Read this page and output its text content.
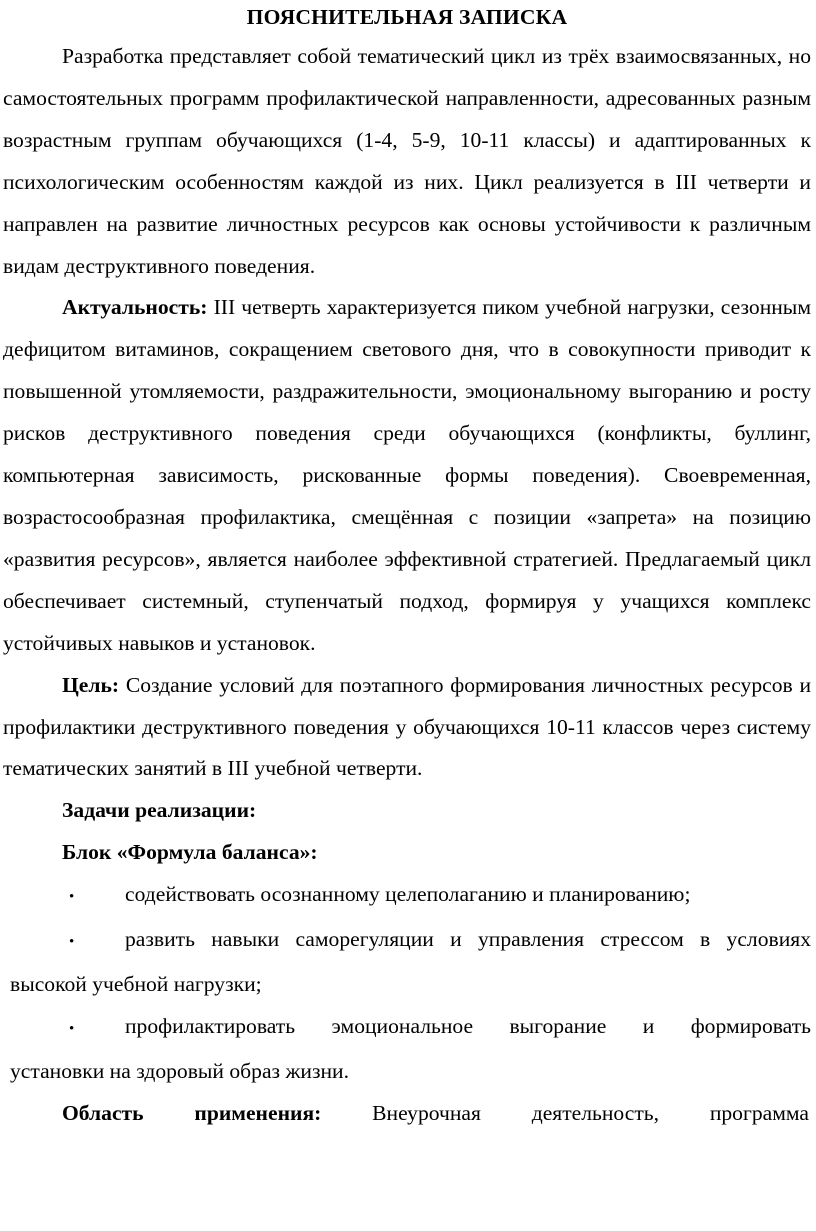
ПОЯСНИТЕЛЬНАЯ ЗАПИСКА

Разработка представляет собой тематический цикл из трёх взаимосвязанных, но самостоятельных программ профилактической направленности, адресованных разным возрастным группам обучающихся (1-4, 5-9, 10-11 классы) и адаптированных к психологическим особенностям каждой из них. Цикл реализуется в III четверти и направлен на развитие личностных ресурсов как основы устойчивости к различным видам деструктивного поведения.

Актуальность: III четверть характеризуется пиком учебной нагрузки, сезонным дефицитом витаминов, сокращением светового дня, что в совокупности приводит к повышенной утомляемости, раздражительности, эмоциональному выгоранию и росту рисков деструктивного поведения среди обучающихся (конфликты, буллинг, компьютерная зависимость, рискованные формы поведения). Своевременная, возрастосообразная профилактика, смещённая с позиции «запрета» на позицию «развития ресурсов», является наиболее эффективной стратегией. Предлагаемый цикл обеспечивает системный, ступенчатый подход, формируя у учащихся комплекс устойчивых навыков и установок.

Цель: Создание условий для поэтапного формирования личностных ресурсов и профилактики деструктивного поведения у обучающихся 10-11 классов через систему тематических занятий в III учебной четверти.

Задачи реализации:
Блок «Формула баланса»:
•	содействовать осознанному целеполаганию и планированию;
•	развить навыки саморегуляции и управления стрессом в условиях
высокой учебной нагрузки;
•	профилактировать эмоциональное выгорание и формировать
установки на здоровый образ жизни.
Область применения: Внеурочная деятельность, программа
